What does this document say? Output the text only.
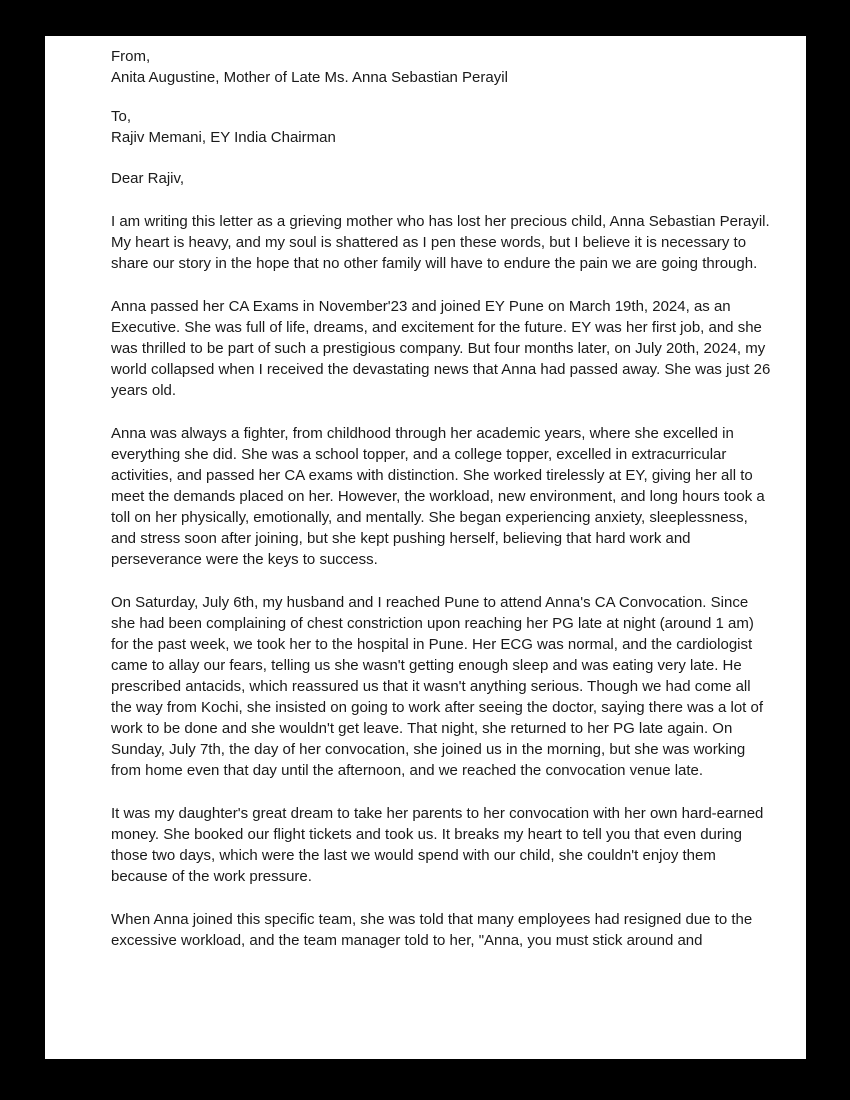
From,

Anita Augustine, Mother of Late Ms. Anna Sebastian Perayil

To,

Rajiv Memani, EY India Chairman

Dear Rajiv,

I am writing this letter as a grieving mother who has lost her precious child, Anna Sebastian Perayil. My heart is heavy, and my soul is shattered as I pen these words, but I believe it is necessary to share our story in the hope that no other family will have to endure the pain we are going through.

Anna passed her CA Exams in November'23 and joined EY Pune on March 19th, 2024, as an Executive. She was full of life, dreams, and excitement for the future. EY was her first job, and she was thrilled to be part of such a prestigious company. But four months later, on July 20th, 2024, my world collapsed when I received the devastating news that Anna had passed away. She was just 26 years old.

Anna was always a fighter, from childhood through her academic years, where she excelled in everything she did. She was a school topper, and a college topper, excelled in extracurricular activities, and passed her CA exams with distinction. She worked tirelessly at EY, giving her all to meet the demands placed on her. However, the workload, new environment, and long hours took a toll on her physically, emotionally, and mentally. She began experiencing anxiety, sleeplessness, and stress soon after joining, but she kept pushing herself, believing that hard work and perseverance were the keys to success.

On Saturday, July 6th, my husband and I reached Pune to attend Anna's CA Convocation. Since she had been complaining of chest constriction upon reaching her PG late at night (around 1 am) for the past week, we took her to the hospital in Pune. Her ECG was normal, and the cardiologist came to allay our fears, telling us she wasn't getting enough sleep and was eating very late. He prescribed antacids, which reassured us that it wasn't anything serious. Though we had come all the way from Kochi, she insisted on going to work after seeing the doctor, saying there was a lot of work to be done and she wouldn't get leave. That night, she returned to her PG late again. On Sunday, July 7th, the day of her convocation, she joined us in the morning, but she was working from home even that day until the afternoon, and we reached the convocation venue late.

It was my daughter's great dream to take her parents to her convocation with her own hard-earned money. She booked our flight tickets and took us. It breaks my heart to tell you that even during those two days, which were the last we would spend with our child, she couldn't enjoy them because of the work pressure.

When Anna joined this specific team, she was told that many employees had resigned due to the excessive workload, and the team manager told to her, "Anna, you must stick around and
